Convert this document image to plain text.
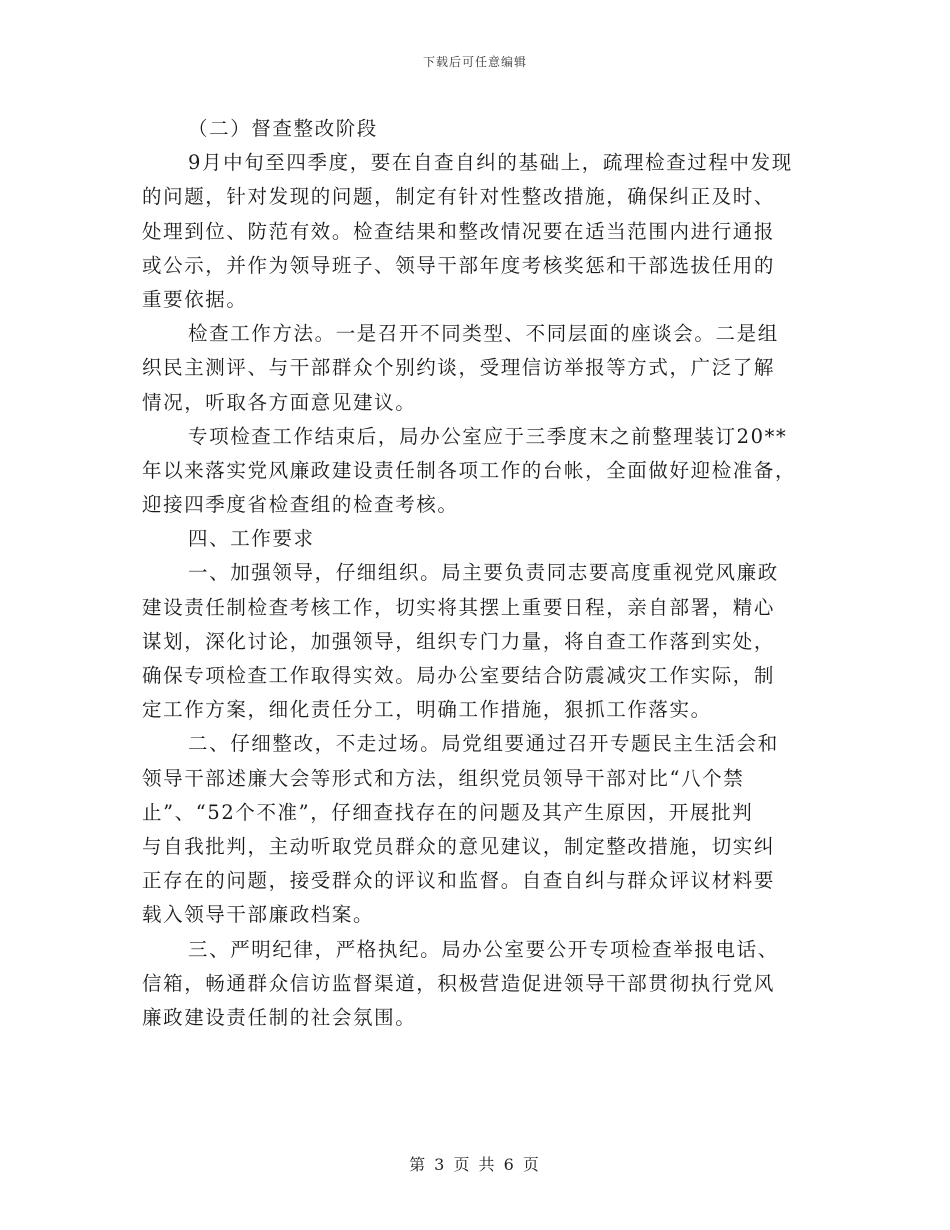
下载后可任意编辑
（二）督查整改阶段
9月中旬至四季度，要在自查自纠的基础上，疏理检查过程中发现
的问题，针对发现的问题，制定有针对性整改措施，确保纠正及时、
处理到位、防范有效。检查结果和整改情况要在适当范围内进行通报
或公示，并作为领导班子、领导干部年度考核奖惩和干部选拔任用的
重要依据。
检查工作方法。一是召开不同类型、不同层面的座谈会。二是组
织民主测评、与干部群众个别约谈，受理信访举报等方式，广泛了解
情况，听取各方面意见建议。
专项检查工作结束后，局办公室应于三季度末之前整理装订20**
年以来落实党风廉政建设责任制各项工作的台帐，全面做好迎检准备，
迎接四季度省检查组的检查考核。
四、工作要求
一、加强领导，仔细组织。局主要负责同志要高度重视党风廉政
建设责任制检查考核工作，切实将其摆上重要日程，亲自部署，精心
谋划，深化讨论，加强领导，组织专门力量，将自查工作落到实处，
确保专项检查工作取得实效。局办公室要结合防震减灾工作实际，制
定工作方案，细化责任分工，明确工作措施，狠抓工作落实。
二、仔细整改，不走过场。局党组要通过召开专题民主生活会和
领导干部述廉大会等形式和方法，组织党员领导干部对比“八个禁
止”、“52个不准”，仔细查找存在的问题及其产生原因，开展批判
与自我批判，主动听取党员群众的意见建议，制定整改措施，切实纠
正存在的问题，接受群众的评议和监督。自查自纠与群众评议材料要
载入领导干部廉政档案。
三、严明纪律，严格执纪。局办公室要公开专项检查举报电话、
信箱，畅通群众信访监督渠道，积极营造促进领导干部贯彻执行党风
廉政建设责任制的社会氛围。
第 3 页 共 6 页
